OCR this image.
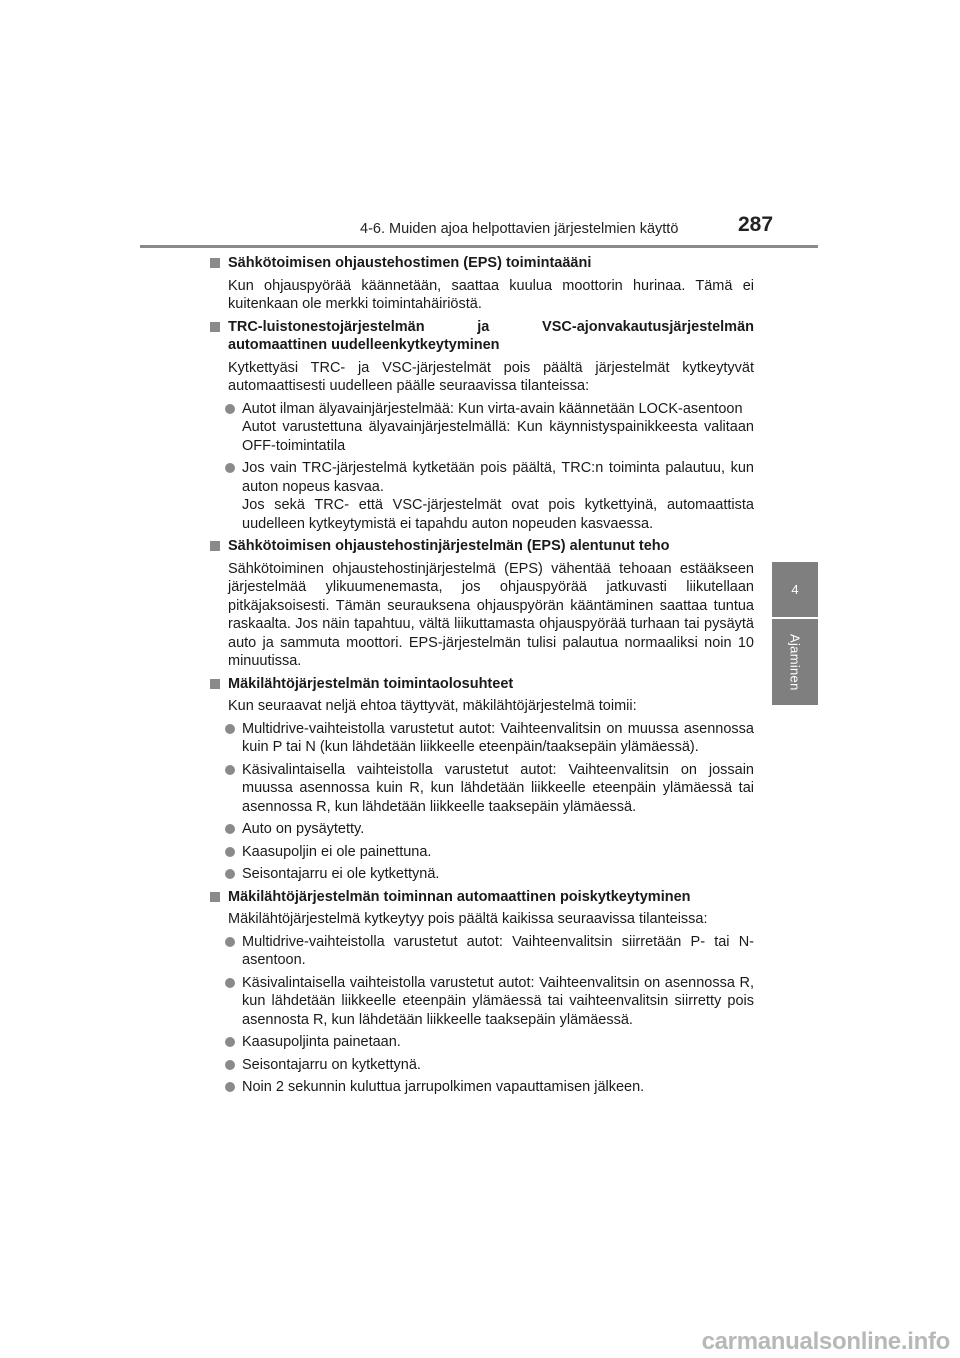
4-6. Muiden ajoa helpottavien järjestelmien käyttö	287
4
Ajaminen
Sähkötoimisen ohjaustehostimen (EPS) toimintaääni
Kun ohjauspyörää käännetään, saattaa kuulua moottorin hurinaa. Tämä ei kuitenkaan ole merkki toimintahäiriöstä.
TRC-luistonestojärjestelmän ja VSC-ajonvakautusjärjestelmän automaattinen uudelleenkytkeytyminen
Kytkettyäsi TRC- ja VSC-järjestelmät pois päältä järjestelmät kytkeytyvät automaattisesti uudelleen päälle seuraavissa tilanteissa:
Autot ilman älyavainjärjestelmää: Kun virta-avain käännetään LOCK-asentoon
Autot varustettuna älyavainjärjestelmällä: Kun käynnistyspainikkeesta valitaan OFF-toimintatila
Jos vain TRC-järjestelmä kytketään pois päältä, TRC:n toiminta palautuu, kun auton nopeus kasvaa.
Jos sekä TRC- että VSC-järjestelmät ovat pois kytkettyinä, automaattista uudelleen kytkeytymistä ei tapahdu auton nopeuden kasvaessa.
Sähkötoimisen ohjaustehostinjärjestelmän (EPS) alentunut teho
Sähkötoiminen ohjaustehostinjärjestelmä (EPS) vähentää tehoaan estääkseen järjestelmää ylikuumenemasta, jos ohjauspyörää jatkuvasti liikutellaan pitkäjaksoisesti. Tämän seurauksena ohjauspyörän kääntäminen saattaa tuntua raskaalta. Jos näin tapahtuu, vältä liikuttamasta ohjauspyörää turhaan tai pysäytä auto ja sammuta moottori. EPS-järjestelmän tulisi palautua normaaliksi noin 10 minuutissa.
Mäkilähtöjärjestelmän toimintaolosuhteet
Kun seuraavat neljä ehtoa täyttyvät, mäkilähtöjärjestelmä toimii:
Multidrive-vaihteistolla varustetut autot: Vaihteenvalitsin on muussa asennossa kuin P tai N (kun lähdetään liikkeelle eteenpäin/taaksepäin ylämäessä).
Käsivalintaisella vaihteistolla varustetut autot: Vaihteenvalitsin on jossain muussa asennossa kuin R, kun lähdetään liikkeelle eteenpäin ylämäessä tai asennossa R, kun lähdetään liikkeelle taaksepäin ylämäessä.
Auto on pysäytetty.
Kaasupoljin ei ole painettuna.
Seisontajarru ei ole kytkettynä.
Mäkilähtöjärjestelmän toiminnan automaattinen poiskytkeytyminen
Mäkilähtöjärjestelmä kytkeytyy pois päältä kaikissa seuraavissa tilanteissa:
Multidrive-vaihteistolla varustetut autot: Vaihteenvalitsin siirretään P- tai N-asentoon.
Käsivalintaisella vaihteistolla varustetut autot: Vaihteenvalitsin on asennossa R, kun lähdetään liikkeelle eteenpäin ylämäessä tai vaihteenvalitsin siirretty pois asennosta R, kun lähdetään liikkeelle taaksepäin ylämäessä.
Kaasupoljinta painetaan.
Seisontajarru on kytkettynä.
Noin 2 sekunnin kuluttua jarrupolkimen vapauttamisen jälkeen.
carmanualsonline.info
